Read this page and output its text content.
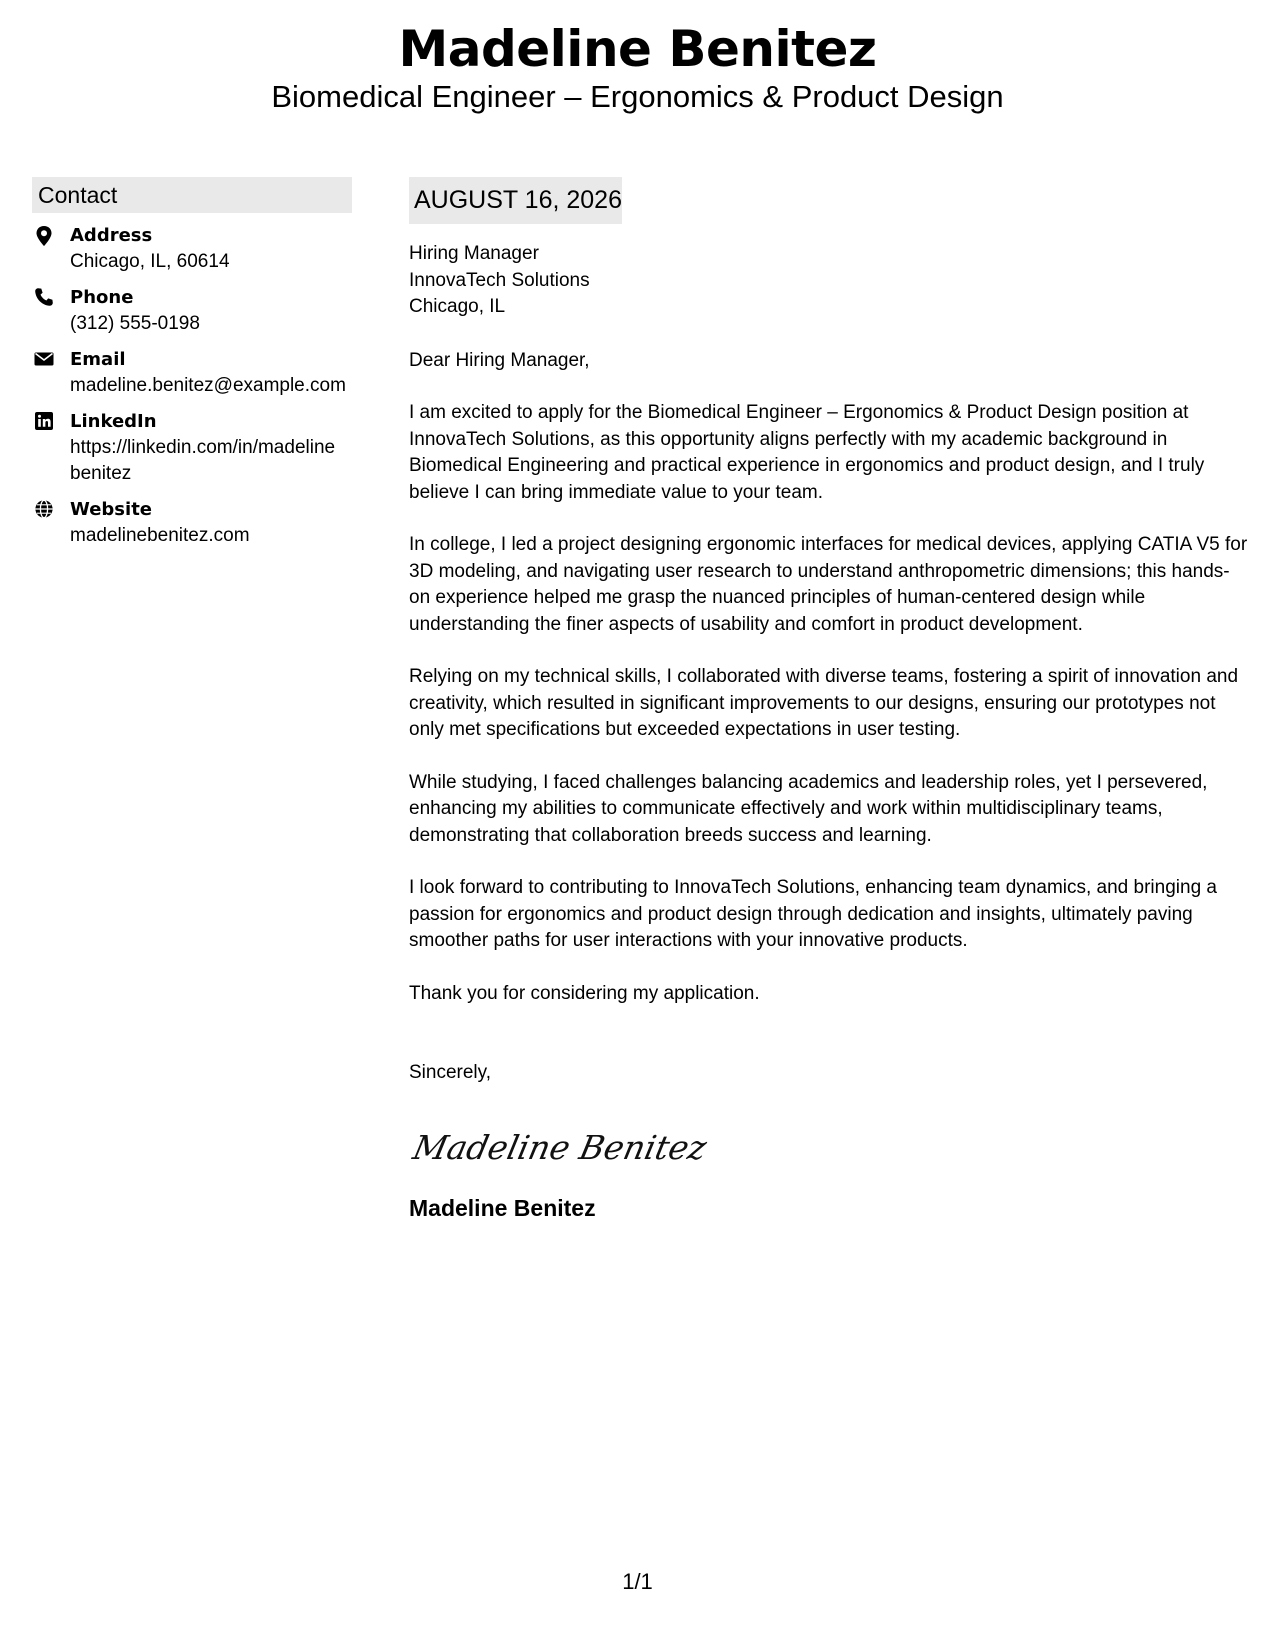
Madeline Benitez
Biomedical Engineer – Ergonomics & Product Design
Contact
Address
Chicago, IL, 60614
Phone
(312) 555-0198
Email
madeline.benitez@example.com
LinkedIn
https://linkedin.com/in/madeline​benitez
Website
madelinebenitez.com
AUGUST 16, 2026
Hiring Manager
InnovaTech Solutions
Chicago, IL
Dear Hiring Manager,
I am excited to apply for the Biomedical Engineer – Ergonomics & Product Design position at InnovaTech Solutions, as this opportunity aligns perfectly with my academic background in Biomedical Engineering and practical experience in ergonomics and product design, and I truly believe I can bring immediate value to your team.
In college, I led a project designing ergonomic interfaces for medical devices, applying CATIA V5 for 3D modeling, and navigating user research to understand anthropometric dimensions; this hands-on experience helped me grasp the nuanced principles of human-centered design while understanding the finer aspects of usability and comfort in product development.
Relying on my technical skills, I collaborated with diverse teams, fostering a spirit of innovation and creativity, which resulted in significant improvements to our designs, ensuring our prototypes not only met specifications but exceeded expectations in user testing.
While studying, I faced challenges balancing academics and leadership roles, yet I persevered, enhancing my abilities to communicate effectively and work within multidisciplinary teams, demonstrating that collaboration breeds success and learning.
I look forward to contributing to InnovaTech Solutions, enhancing team dynamics, and bringing a passion for ergonomics and product design through dedication and insights, ultimately paving smoother paths for user interactions with your innovative products.
Thank you for considering my application.
Sincerely,
Madeline Benitez
Madeline Benitez
1/1
